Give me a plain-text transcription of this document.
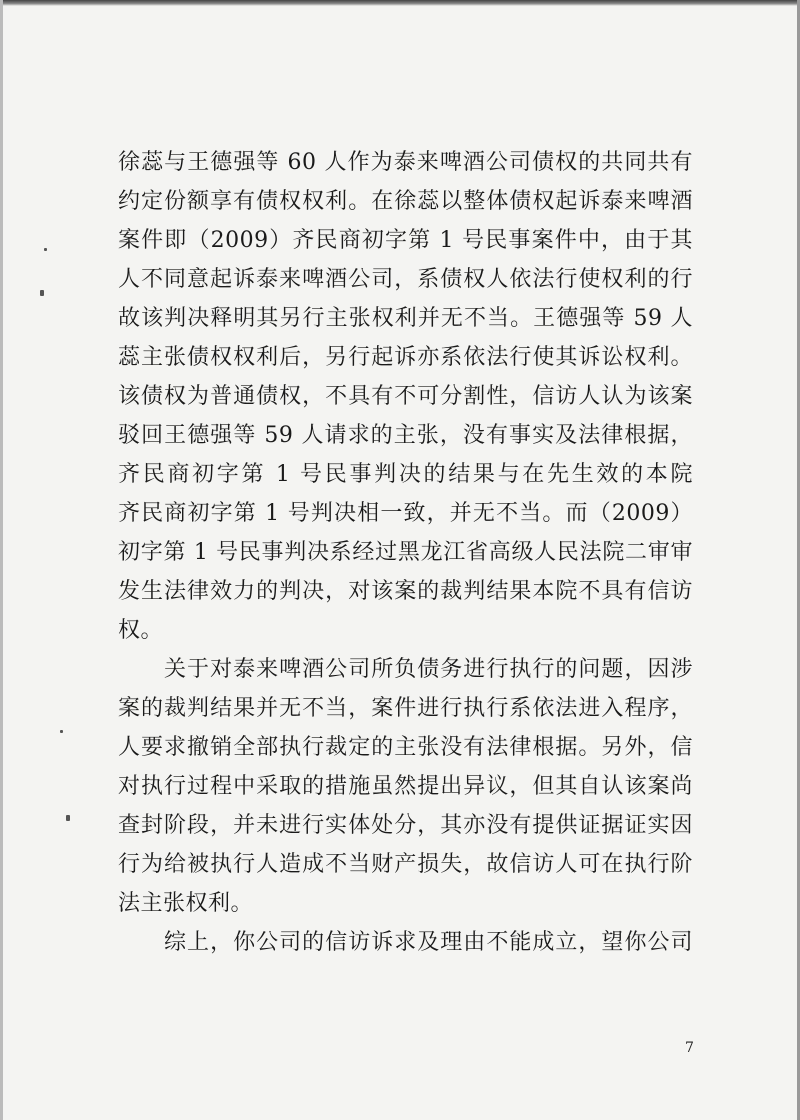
徐蕊与王德强等 60 人作为泰来啤酒公司债权的共同共有
约定份额享有债权权利。在徐蕊以整体债权起诉泰来啤酒
案件即（2009）齐民商初字第 1 号民事案件中，由于其
人不同意起诉泰来啤酒公司，系债权人依法行使权利的行
故该判决释明其另行主张权利并无不当。王德强等 59 人
蕊主张债权权利后，另行起诉亦系依法行使其诉讼权利。
该债权为普通债权，不具有不可分割性，信访人认为该案
驳回王德强等 59 人请求的主张，没有事实及法律根据，
齐民商初字第 1 号民事判决的结果与在先生效的本院
齐民商初字第 1 号判决相一致，并无不当。而（2009）
初字第 1 号民事判决系经过黑龙江省高级人民法院二审审
发生法律效力的判决，对该案的裁判结果本院不具有信访
权。
　　关于对泰来啤酒公司所负债务进行执行的问题，因涉
案的裁判结果并无不当，案件进行执行系依法进入程序，
人要求撤销全部执行裁定的主张没有法律根据。另外，信
对执行过程中采取的措施虽然提出异议，但其自认该案尚
查封阶段，并未进行实体处分，其亦没有提供证据证实因
行为给被执行人造成不当财产损失，故信访人可在执行阶
法主张权利。
　　综上，你公司的信访诉求及理由不能成立，望你公司
7
